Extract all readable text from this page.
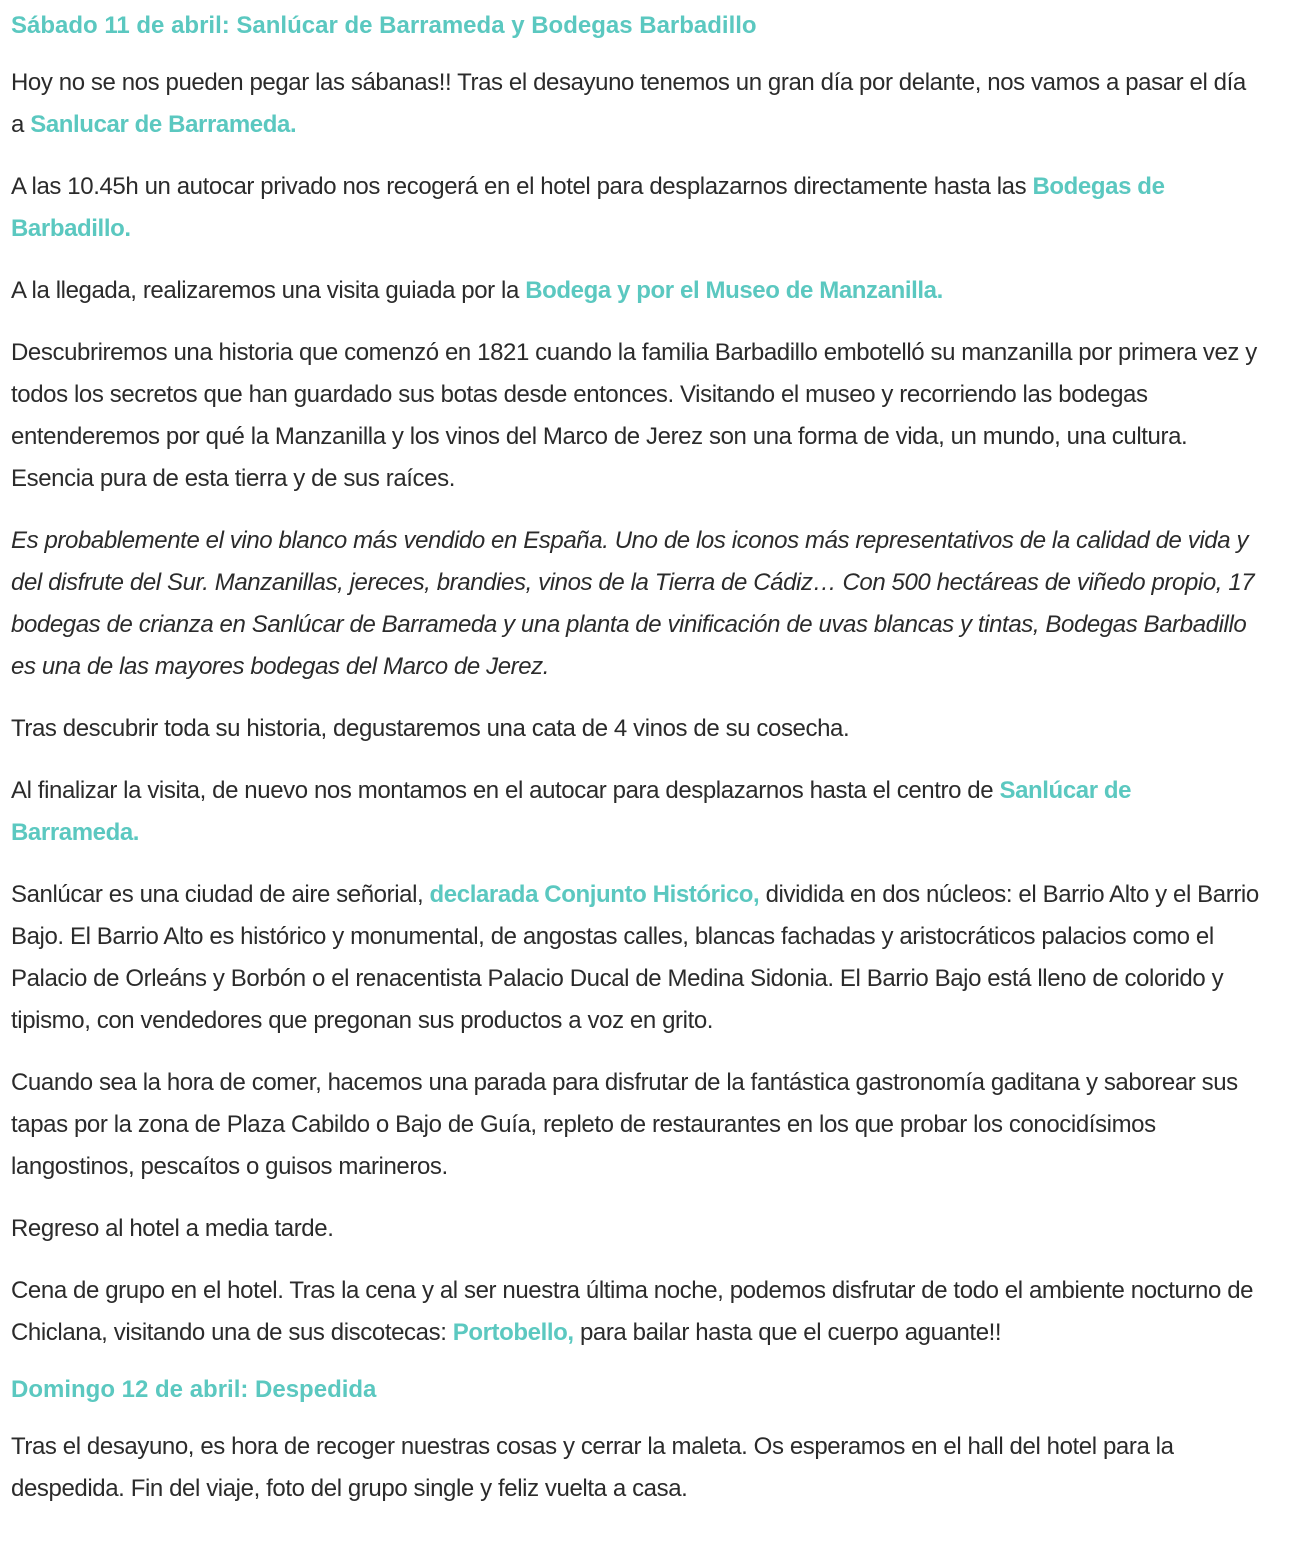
Sábado 11 de abril: Sanlúcar de Barrameda y Bodegas Barbadillo

Hoy no se nos pueden pegar las sábanas!! Tras el desayuno tenemos un gran día por delante, nos vamos a pasar el día a Sanlucar de Barrameda.

A las 10.45h un autocar privado nos recogerá en el hotel para desplazarnos directamente hasta las Bodegas de Barbadillo.

A la llegada, realizaremos una visita guiada por la Bodega y por el Museo de Manzanilla.

Descubriremos una historia que comenzó en 1821 cuando la familia Barbadillo embotelló su manzanilla por primera vez y todos los secretos que han guardado sus botas desde entonces. Visitando el museo y recorriendo las bodegas entenderemos por qué la Manzanilla y los vinos del Marco de Jerez son una forma de vida, un mundo, una cultura. Esencia pura de esta tierra y de sus raíces.

Es probablemente el vino blanco más vendido en España. Uno de los iconos más representativos de la calidad de vida y del disfrute del Sur. Manzanillas, jereces, brandies, vinos de la Tierra de Cádiz… Con 500 hectáreas de viñedo propio, 17 bodegas de crianza en Sanlúcar de Barrameda y una planta de vinificación de uvas blancas y tintas, Bodegas Barbadillo es una de las mayores bodegas del Marco de Jerez.

Tras descubrir toda su historia, degustaremos una cata de 4 vinos de su cosecha.

Al finalizar la visita, de nuevo nos montamos en el autocar para desplazarnos hasta el centro de Sanlúcar de Barrameda.

Sanlúcar es una ciudad de aire señorial, declarada Conjunto Histórico, dividida en dos núcleos: el Barrio Alto y el Barrio Bajo. El Barrio Alto es histórico y monumental, de angostas calles, blancas fachadas y aristocráticos palacios como el Palacio de Orleáns y Borbón o el renacentista Palacio Ducal de Medina Sidonia. El Barrio Bajo está lleno de colorido y tipismo, con vendedores que pregonan sus productos a voz en grito.

Cuando sea la hora de comer, hacemos una parada para disfrutar de la fantástica gastronomía gaditana y saborear sus tapas por la zona de Plaza Cabildo o Bajo de Guía, repleto de restaurantes en los que probar los conocidísimos langostinos, pescaítos o guisos marineros.

Regreso al hotel a media tarde.

Cena de grupo en el hotel. Tras la cena y al ser nuestra última noche, podemos disfrutar de todo el ambiente nocturno de Chiclana, visitando una de sus discotecas: Portobello, para bailar hasta que el cuerpo aguante!!

Domingo 12 de abril: Despedida

Tras el desayuno, es hora de recoger nuestras cosas y cerrar la maleta. Os esperamos en el hall del hotel para la despedida. Fin del viaje, foto del grupo single y feliz vuelta a casa.
